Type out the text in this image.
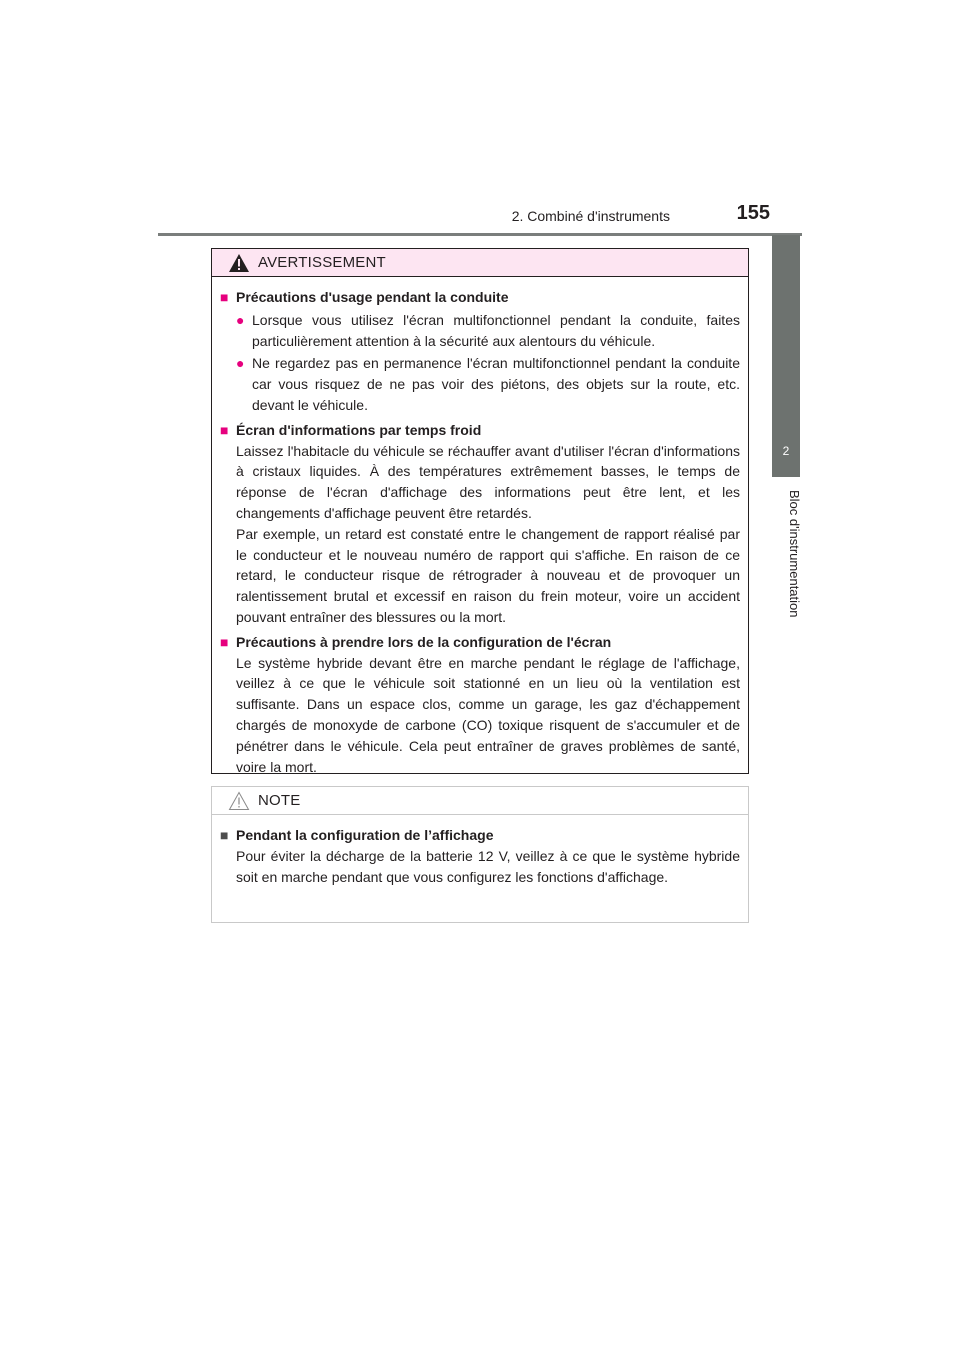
2. Combiné d'instruments	155
2
Bloc d'instrumentation
AVERTISSEMENT
■ Précautions d'usage pendant la conduite
● Lorsque vous utilisez l'écran multifonctionnel pendant la conduite, faites particulièrement attention à la sécurité aux alentours du véhicule.
● Ne regardez pas en permanence l'écran multifonctionnel pendant la conduite car vous risquez de ne pas voir des piétons, des objets sur la route, etc. devant le véhicule.
■ Écran d'informations par temps froid
Laissez l'habitacle du véhicule se réchauffer avant d'utiliser l'écran d'informations à cristaux liquides. À des températures extrêmement basses, le temps de réponse de l'écran d'affichage des informations peut être lent, et les changements d'affichage peuvent être retardés.
Par exemple, un retard est constaté entre le changement de rapport réalisé par le conducteur et le nouveau numéro de rapport qui s'affiche. En raison de ce retard, le conducteur risque de rétrograder à nouveau et de provoquer un ralentissement brutal et excessif en raison du frein moteur, voire un accident pouvant entraîner des blessures ou la mort.
■ Précautions à prendre lors de la configuration de l'écran
Le système hybride devant être en marche pendant le réglage de l'affichage, veillez à ce que le véhicule soit stationné en un lieu où la ventilation est suffisante. Dans un espace clos, comme un garage, les gaz d'échappement chargés de monoxyde de carbone (CO) toxique risquent de s'accumuler et de pénétrer dans le véhicule. Cela peut entraîner de graves problèmes de santé, voire la mort.
NOTE
■ Pendant la configuration de l’affichage
Pour éviter la décharge de la batterie 12 V, veillez à ce que le système hybride soit en marche pendant que vous configurez les fonctions d'affichage.
